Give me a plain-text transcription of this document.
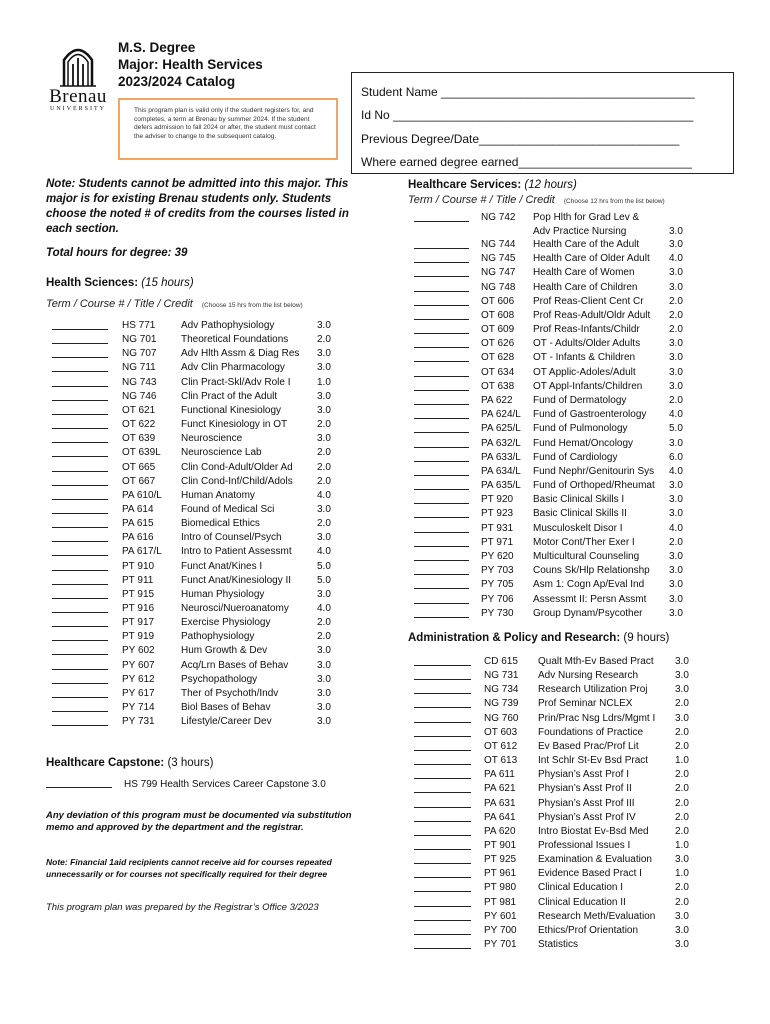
Brenau
UNIVERSITY
M.S. Degree
Major: Health Services
2023/2024 Catalog
This program plan is valid only if the student registers for, and completes, a term at Brenau by summer 2024. If the student defers admission to fall 2024 or after, the student must contact the adviser to change to the subsequent catalog.
Student Name ______________________________________
Id No _____________________________________________
Previous Degree/Date______________________________
Where earned degree earned__________________________
Note: Students cannot be admitted into this major. This major is for existing Brenau students only. Students choose the noted # of credits from the courses listed in each section.
Total hours for degree: 39
Health Sciences: (15 hours)
Term / Course # / Title / Credit (Choose 15 hrs from the list below)
HS 771	Adv Pathophysiology	3.0
NG 701 Theoretical Foundations	2.0
NG 707 Adv Hlth Assm & Diag Res 3.0
NG 711	Adv Clin Pharmacology	3.0
NG 743 Clin Pract-Skl/Adv Role I	1.0
NG 746 Clin Pract of the Adult	3.0
OT 621	Functional Kinesiology	3.0
OT 622	Funct Kinesiology in OT	2.0
OT 639	Neuroscience	3.0
OT 639L Neuroscience Lab	2.0
OT 665	Clin Cond-Adult/Older Ad 2.0
OT 667	Clin Cond-Inf/Child/Adols 2.0
PA 610/L Human Anatomy	4.0
PA 614	Found of Medical Sci	3.0
PA 615	Biomedical Ethics	2.0
PA 616	Intro of Counsel/Psych	3.0
PA 617/L Intro to Patient Assessmt	4.0
PT 910	Funct Anat/Kines I	5.0
PT 911	Funct Anat/Kinesiology II	5.0
PT 915	Human Physiology	3.0
PT 916	Neurosci/Nueroanatomy	4.0
PT 917	Exercise Physiology	2.0
PT 919	Pathophysiology	2.0
PY 602	Hum Growth & Dev	3.0
PY 607	Acq/Lrn Bases of Behav	3.0
PY 612	Psychopathology	3.0
PY 617	Ther of Psychoth/Indv	3.0
PY 714	Biol Bases of Behav	3.0
PY 731	Lifestyle/Career Dev	3.0
Healthcare Capstone: (3 hours)
HS 799 Health Services Career Capstone 3.0
Any deviation of this program must be documented via substitution memo and approved by the department and the registrar.
Note: Financial 1aid recipients cannot receive aid for courses repeated unnecessarily or for courses not specifically required for their degree
This program plan was prepared by the Registrar’s Office 3/2023
Healthcare Services: (12 hours)
Term / Course # / Title / Credit (Choose 12 hrs from the list below)
NG 742 Pop Hlth for Grad Lev &
Adv Practice Nursing	3.0
NG 744 Health Care of the Adult	3.0
NG 745 Health Care of Older Adult 4.0
NG 747 Health Care of Women	3.0
NG 748 Health Care of Children	3.0
OT 606 Prof Reas-Client Cent Cr	2.0
OT 608 Prof Reas-Adult/Oldr Adult 2.0
OT 609 Prof Reas-Infants/Childr	2.0
OT 626 OT - Adults/Older Adults	3.0
OT 628 OT - Infants & Children	3.0
OT 634 OT Applic-Adoles/Adult	3.0
OT 638 OT Appl-Infants/Children	3.0
PA 622 Fund of Dermatology	2.0
PA 624/L Fund of Gastroenterology 4.0
PA 625/L Fund of Pulmonology	5.0
PA 632/L Fund Hemat/Oncology	3.0
PA 633/L Fund of Cardiology	6.0
PA 634/L Fund Nephr/Genitourin Sys 4.0
PA 635/L Fund of Orthoped/Rheumat 3.0
PT 920 Basic Clinical Skills I	3.0
PT 923 Basic Clinical Skills II	3.0
PT 931 Musculoskelt Disor I	4.0
PT 971 Motor Cont/Ther Exer I	2.0
PY 620 Multicultural Counseling	3.0
PY 703 Couns Sk/Hlp Relationshp 3.0
PY 705 Asm 1: Cogn Ap/Eval Ind 3.0
PY 706 Assessmt II: Persn Assmt 3.0
PY 730 Group Dynam/Psycother	3.0
Administration & Policy and Research: (9 hours)
CD 615 Qualt Mth-Ev Based Pract 3.0
NG 731 Adv Nursing Research	3.0
NG 734 Research Utilization Proj	3.0
NG 739 Prof Seminar NCLEX	2.0
NG 760 Prin/Prac Nsg Ldrs/Mgmt I 3.0
OT 603 Foundations of Practice	2.0
OT 612 Ev Based Prac/Prof Lit	2.0
OT 613 Int Schlr St-Ev Bsd Pract	1.0
PA 611 Physian’s Asst Prof I	2.0
PA 621 Physian’s Asst Prof II	2.0
PA 631 Physian’s Asst Prof III	2.0
PA 641 Physian’s Asst Prof IV	2.0
PA 620 Intro Biostat Ev-Bsd Med	2.0
PT 901 Professional Issues I	1.0
PT 925 Examination & Evaluation 3.0
PT 961 Evidence Based Pract I	1.0
PT 980 Clinical Education I	2.0
PT 981 Clinical Education II	2.0
PY 601 Research Meth/Evaluation 3.0
PY 700 Ethics/Prof Orientation	3.0
PY 701 Statistics	3.0
